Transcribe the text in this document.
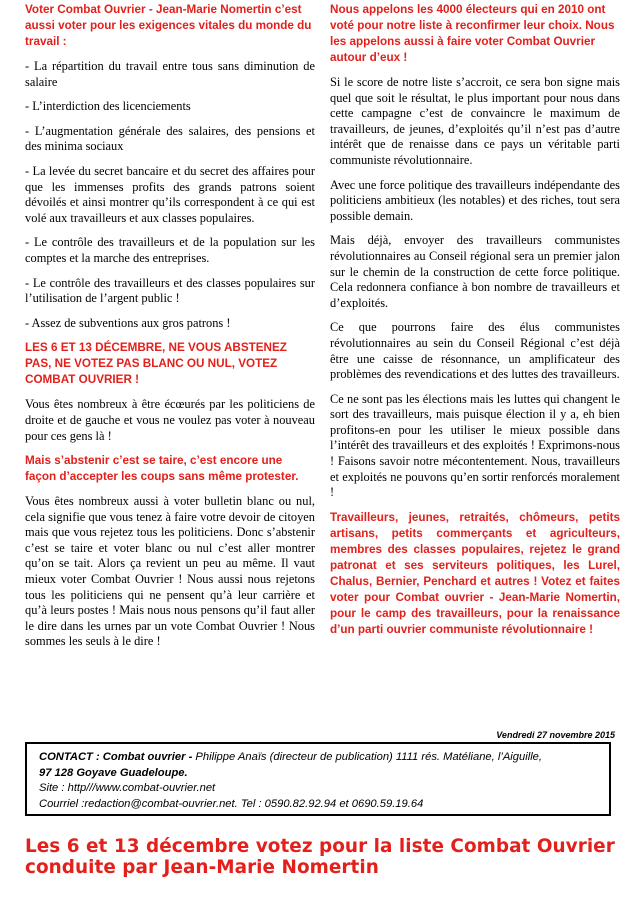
Voter Combat Ouvrier - Jean-Marie Nomertin c’est aussi voter pour les exigences vitales du monde du travail :

- La répartition du travail entre tous sans diminution de salaire

- L’interdiction des licenciements

- L’augmentation générale des salaires, des pensions et des minima sociaux

- La levée du secret bancaire et du secret des affaires pour que les immenses profits des grands patrons soient dévoilés et ainsi montrer qu’ils correspondent à ce qui est volé aux travailleurs et aux classes populaires.

- Le contrôle des travailleurs et de la population sur les comptes et la marche des entreprises.

- Le contrôle des travailleurs et des classes populaires sur l’utilisation de l’argent public !

- Assez de subventions aux gros patrons !

LES 6 ET 13 DÉCEMBRE, NE VOUS ABSTENEZ PAS, NE VOTEZ PAS BLANC OU NUL, VOTEZ COMBAT OUVRIER !

Vous êtes nombreux à être écœurés par les politiciens de droite et de gauche et vous ne voulez pas voter à nouveau pour ces gens là !

Mais s’abstenir c’est se taire, c’est encore une façon d’accepter les coups sans même protester.

Vous êtes nombreux aussi à voter bulletin blanc ou nul, cela signifie que vous tenez à faire votre devoir de citoyen mais que vous rejetez tous les politiciens. Donc s’abstenir c’est se taire et voter blanc ou nul c’est aller montrer qu’on se tait. Alors ça revient un peu au même. Il vaut mieux voter Combat Ouvrier ! Nous aussi nous rejetons tous les politiciens qui ne pensent qu’à leur carrière et qu’à leurs postes ! Mais nous nous pensons qu’il faut aller le dire dans les urnes par un vote Combat Ouvrier ! Nous sommes les seuls à le dire !

Nous appelons les 4000 électeurs qui en 2010 ont voté pour notre liste à reconfirmer leur choix. Nous les appelons aussi à faire voter Combat Ouvrier autour d’eux !

Si le score de notre liste s’accroit, ce sera bon signe mais quel que soit le résultat, le plus important pour nous dans cette campagne c’est de convaincre le maximum de travailleurs, de jeunes, d’exploités qu’il n’est pas d’autre intérêt que de renaisse dans ce pays un véritable parti communiste révolutionnaire.

Avec une force politique des travailleurs indépendante des politiciens ambitieux (les notables) et des riches, tout sera possible demain.

Mais déjà, envoyer des travailleurs communistes révolutionnaires au Conseil régional sera un premier jalon sur le chemin de la construction de cette force politique. Cela redonnera confiance à bon nombre de travailleurs et d’exploités.

Ce que pourrons faire des élus communistes révolutionnaires au sein du Conseil Régional c’est déjà être une caisse de résonnance, un amplificateur des problèmes des revendications et des luttes des travailleurs.

Ce ne sont pas les élections mais les luttes qui changent le sort des travailleurs, mais puisque élection il y a, eh bien profitons-en pour les utiliser le mieux possible dans l’intérêt des travailleurs et des exploités ! Exprimons-nous ! Faisons savoir notre mécontentement. Nous, travailleurs et exploités ne pouvons qu’en sortir renforcés moralement !

Travailleurs, jeunes, retraités, chômeurs, petits artisans, petits commerçants et agriculteurs, membres des classes populaires, rejetez le grand patronat et ses serviteurs politiques, les Lurel, Chalus, Bernier, Penchard et autres ! Votez et faites voter pour Combat ouvrier - Jean-Marie Nomertin, pour le camp des travailleurs, pour la renaissance d’un parti ouvrier communiste révolutionnaire !

Vendredi 27 novembre 2015
CONTACT : Combat ouvrier - Philippe Anaïs (directeur de publication) 1111 rés. Matéliane, l’Aiguille,
97 128 Goyave Guadeloupe.
Site : http///www.combat-ouvrier.net
Courriel :redaction@combat-ouvrier.net. Tel : 0590.82.92.94 et 0690.59.19.64
Les 6 et 13 décembre votez pour la liste Combat Ouvrier conduite par Jean-Marie Nomertin
